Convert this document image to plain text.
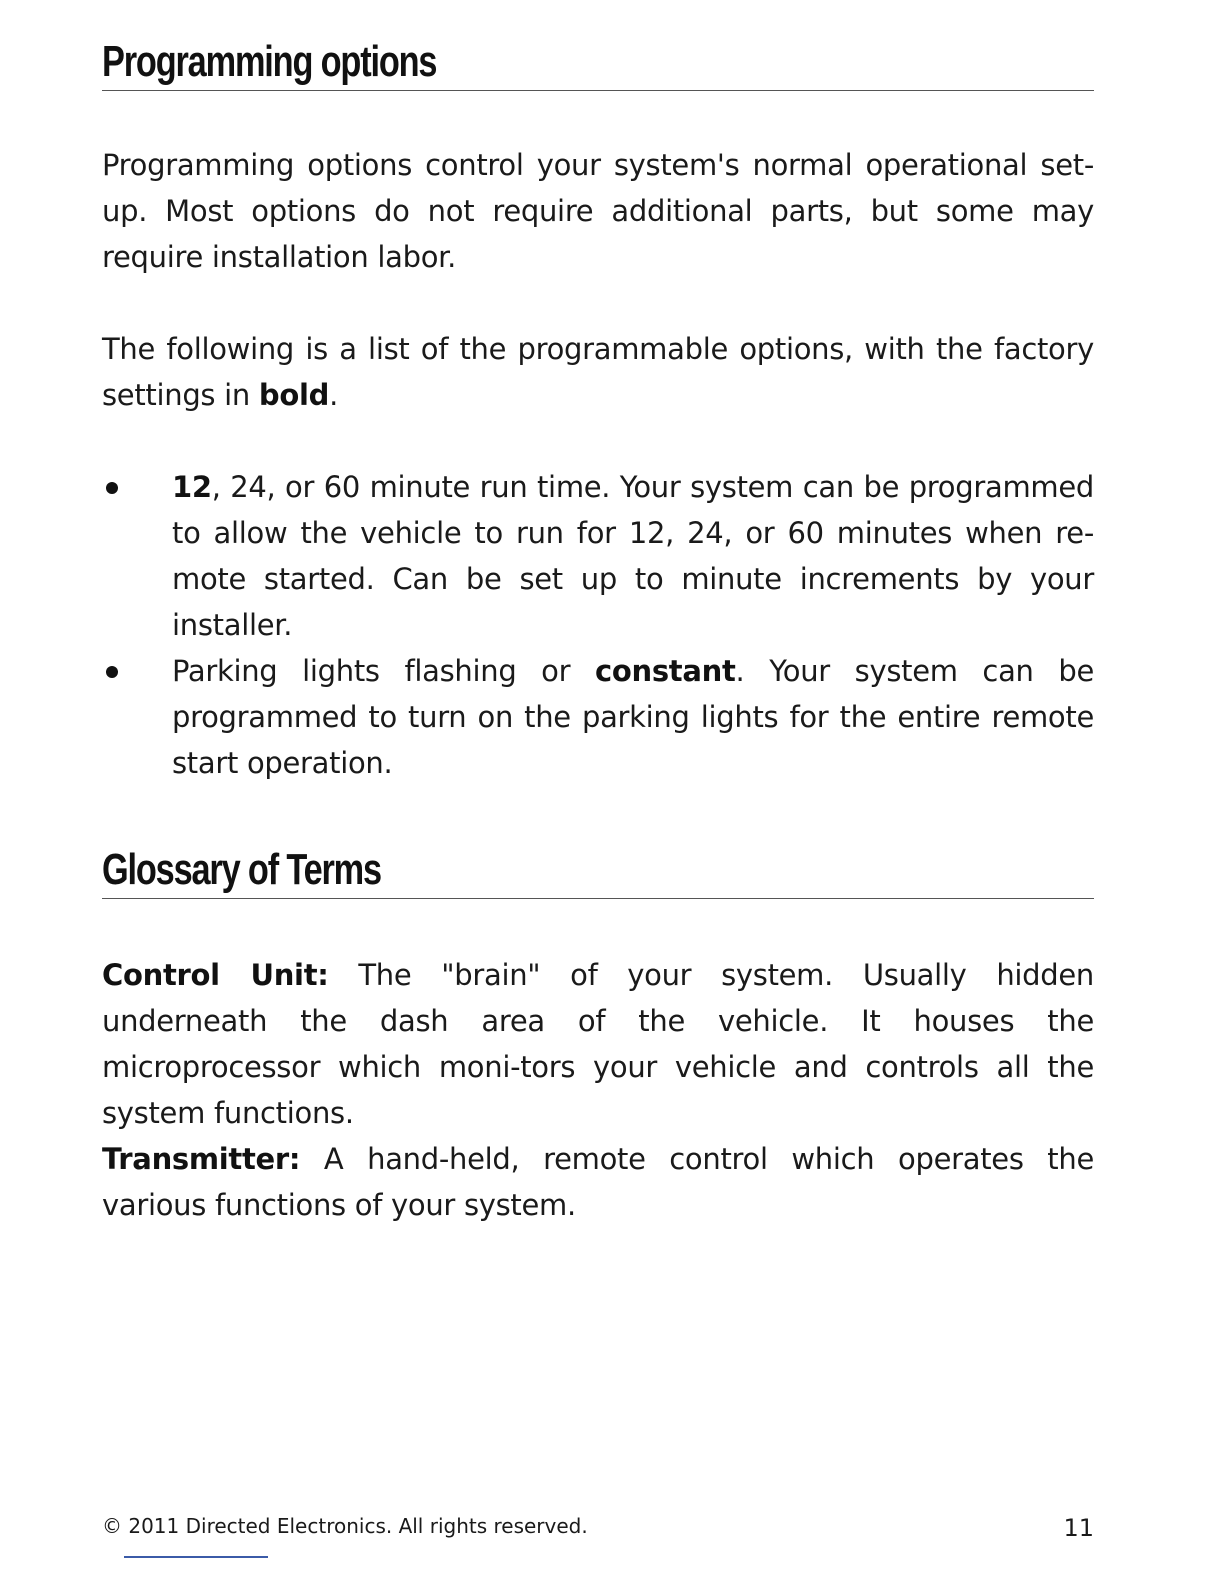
Programming options

Programming options control your system's normal operational set-up. Most options do not require additional parts, but some may require installation labor.

The following is a list of the programmable options, with the factory settings in bold.

12, 24, or 60 minute run time. Your system can be programmed to allow the vehicle to run for 12, 24, or 60 minutes when re-mote started. Can be set up to minute increments by your installer.

Parking lights flashing or constant. Your system can be programmed to turn on the parking lights for the entire remote start operation.

Glossary of Terms

Control Unit: The "brain" of your system. Usually hidden underneath the dash area of the vehicle. It houses the microprocessor which moni-tors your vehicle and controls all the system functions.

Transmitter: A hand-held, remote control which operates the various functions of your system.

© 2011 Directed Electronics. All rights reserved.	11
